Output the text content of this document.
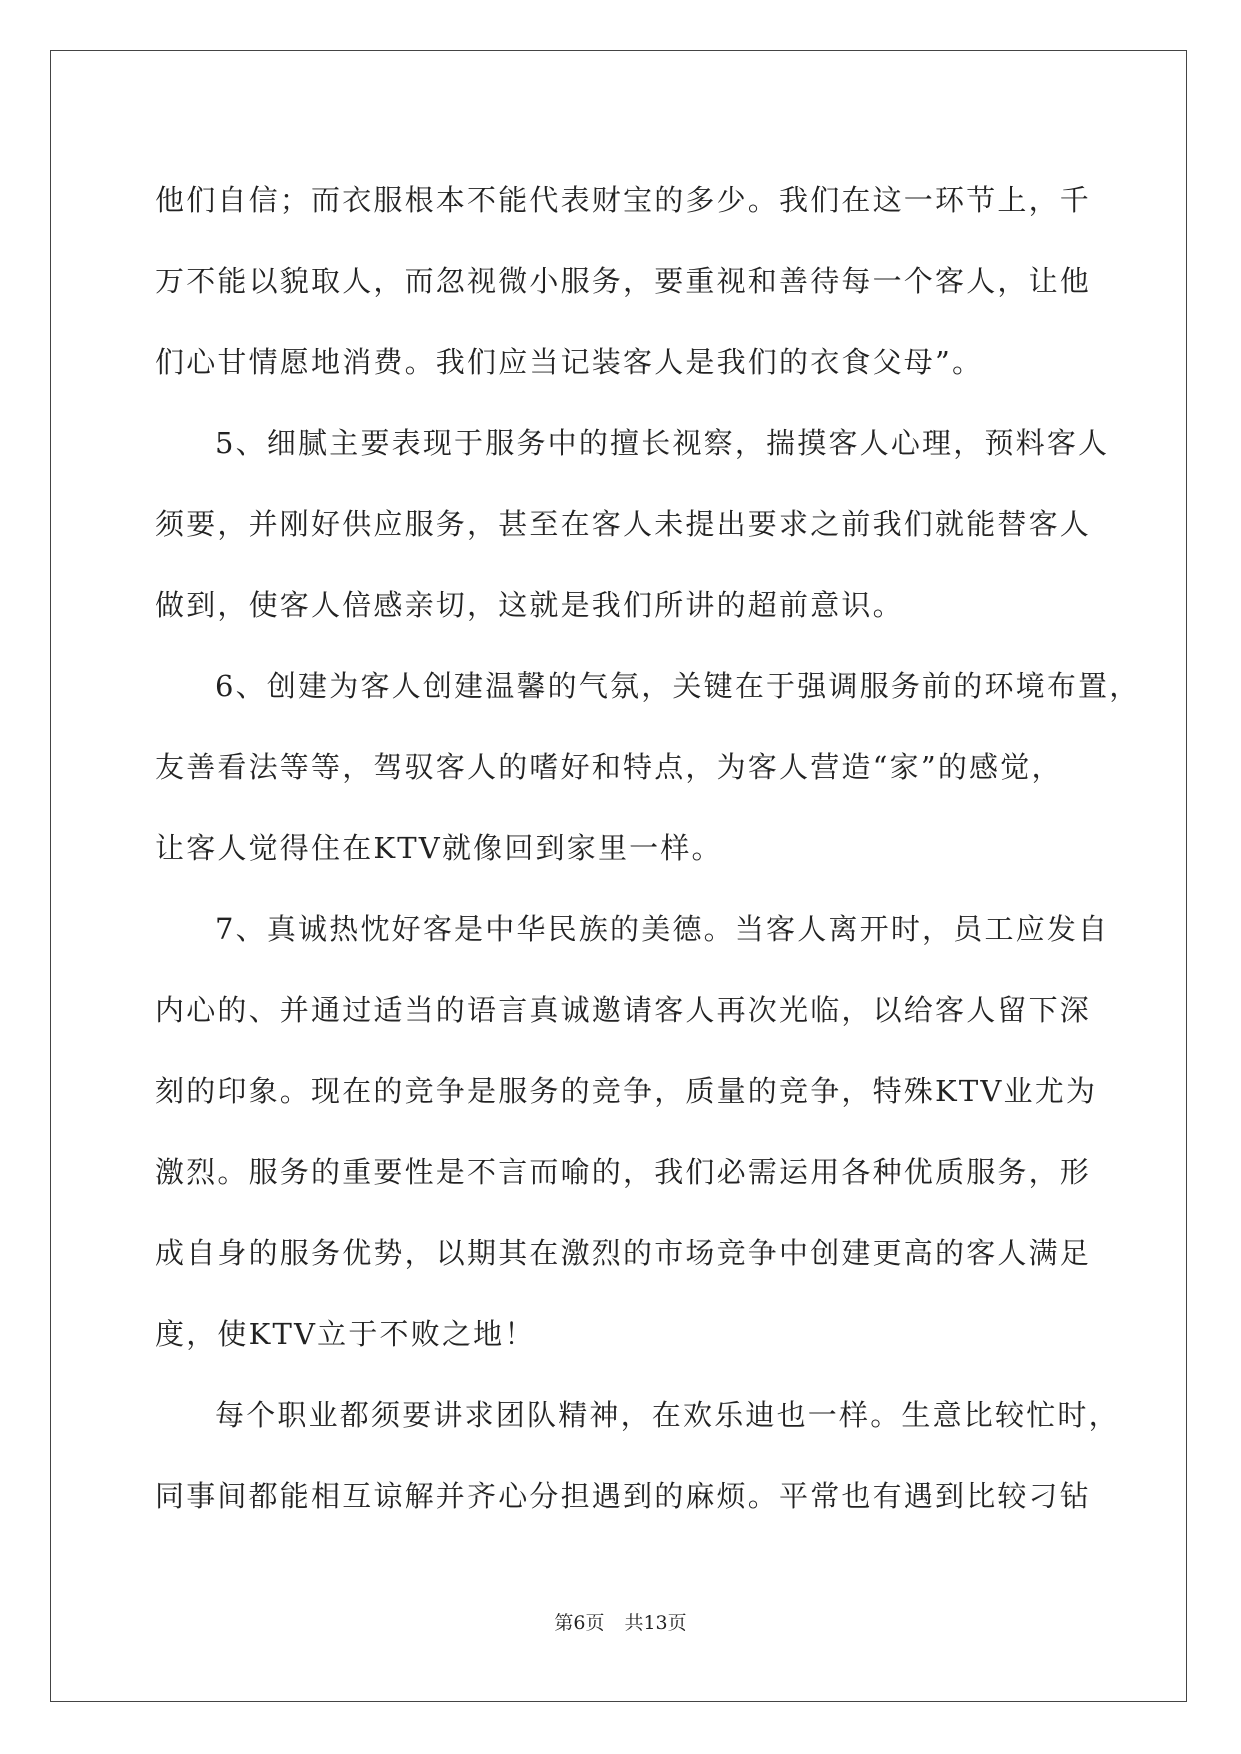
他们自信；而衣服根本不能代表财宝的多少。我们在这一环节上，千
万不能以貌取人，而忽视微小服务，要重视和善待每一个客人，让他
们心甘情愿地消费。我们应当记装客人是我们的衣食父母”。
5、细腻主要表现于服务中的擅长视察，揣摸客人心理，预料客人
须要，并刚好供应服务，甚至在客人未提出要求之前我们就能替客人
做到，使客人倍感亲切，这就是我们所讲的超前意识。
6、创建为客人创建温馨的气氛，关键在于强调服务前的环境布置，
友善看法等等，驾驭客人的嗜好和特点，为客人营造“家”的感觉，
让客人觉得住在KTV就像回到家里一样。
7、真诚热忱好客是中华民族的美德。当客人离开时，员工应发自
内心的、并通过适当的语言真诚邀请客人再次光临，以给客人留下深
刻的印象。现在的竞争是服务的竞争，质量的竞争，特殊KTV业尤为
激烈。服务的重要性是不言而喻的，我们必需运用各种优质服务，形
成自身的服务优势，以期其在激烈的市场竞争中创建更高的客人满足
度，使KTV立于不败之地！
每个职业都须要讲求团队精神，在欢乐迪也一样。生意比较忙时，
同事间都能相互谅解并齐心分担遇到的麻烦。平常也有遇到比较刁钻
第6页 共13页
